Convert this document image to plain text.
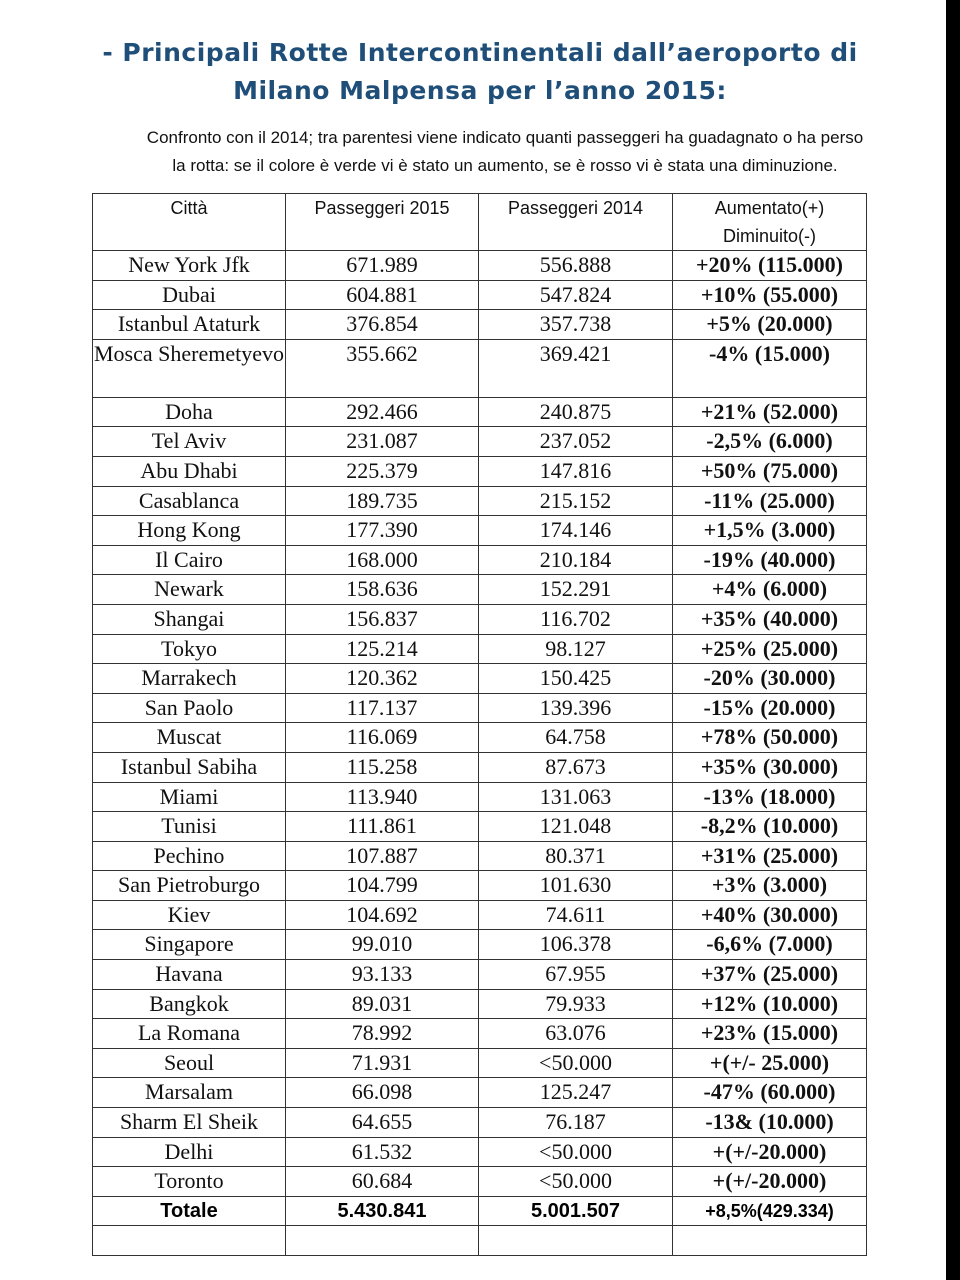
- Principali Rotte Intercontinentali dall’aeroporto di
Milano Malpensa per l’anno 2015:
Confronto con il 2014; tra parentesi viene indicato quanti passeggeri ha guadagnato o ha perso
la rotta: se il colore è verde vi è stato un aumento, se è rosso vi è stata una diminuzione.
Città	Passeggeri 2015	Passeggeri 2014	Aumentato(+)
Diminuito(-)
New York Jfk	671.989	556.888	+20% (115.000)
Dubai	604.881	547.824	+10% (55.000)
Istanbul Ataturk	376.854	357.738	+5% (20.000)
Mosca Sheremetyevo	355.662	369.421	-4% (15.000)
Doha	292.466	240.875	+21% (52.000)
Tel Aviv	231.087	237.052	-2,5% (6.000)
Abu Dhabi	225.379	147.816	+50% (75.000)
Casablanca	189.735	215.152	-11% (25.000)
Hong Kong	177.390	174.146	+1,5% (3.000)
Il Cairo	168.000	210.184	-19% (40.000)
Newark	158.636	152.291	+4% (6.000)
Shangai	156.837	116.702	+35% (40.000)
Tokyo	125.214	98.127	+25% (25.000)
Marrakech	120.362	150.425	-20% (30.000)
San Paolo	117.137	139.396	-15% (20.000)
Muscat	116.069	64.758	+78% (50.000)
Istanbul Sabiha	115.258	87.673	+35% (30.000)
Miami	113.940	131.063	-13% (18.000)
Tunisi	111.861	121.048	-8,2% (10.000)
Pechino	107.887	80.371	+31% (25.000)
San Pietroburgo	104.799	101.630	+3% (3.000)
Kiev	104.692	74.611	+40% (30.000)
Singapore	99.010	106.378	-6,6% (7.000)
Havana	93.133	67.955	+37% (25.000)
Bangkok	89.031	79.933	+12% (10.000)
La Romana	78.992	63.076	+23% (15.000)
Seoul	71.931	<50.000	+(+/- 25.000)
Marsalam	66.098	125.247	-47% (60.000)
Sharm El Sheik	64.655	76.187	-13& (10.000)
Delhi	61.532	<50.000	+(+/-20.000)
Toronto	60.684	<50.000	+(+/-20.000)
Totale	5.430.841	5.001.507	+8,5%(429.334)
